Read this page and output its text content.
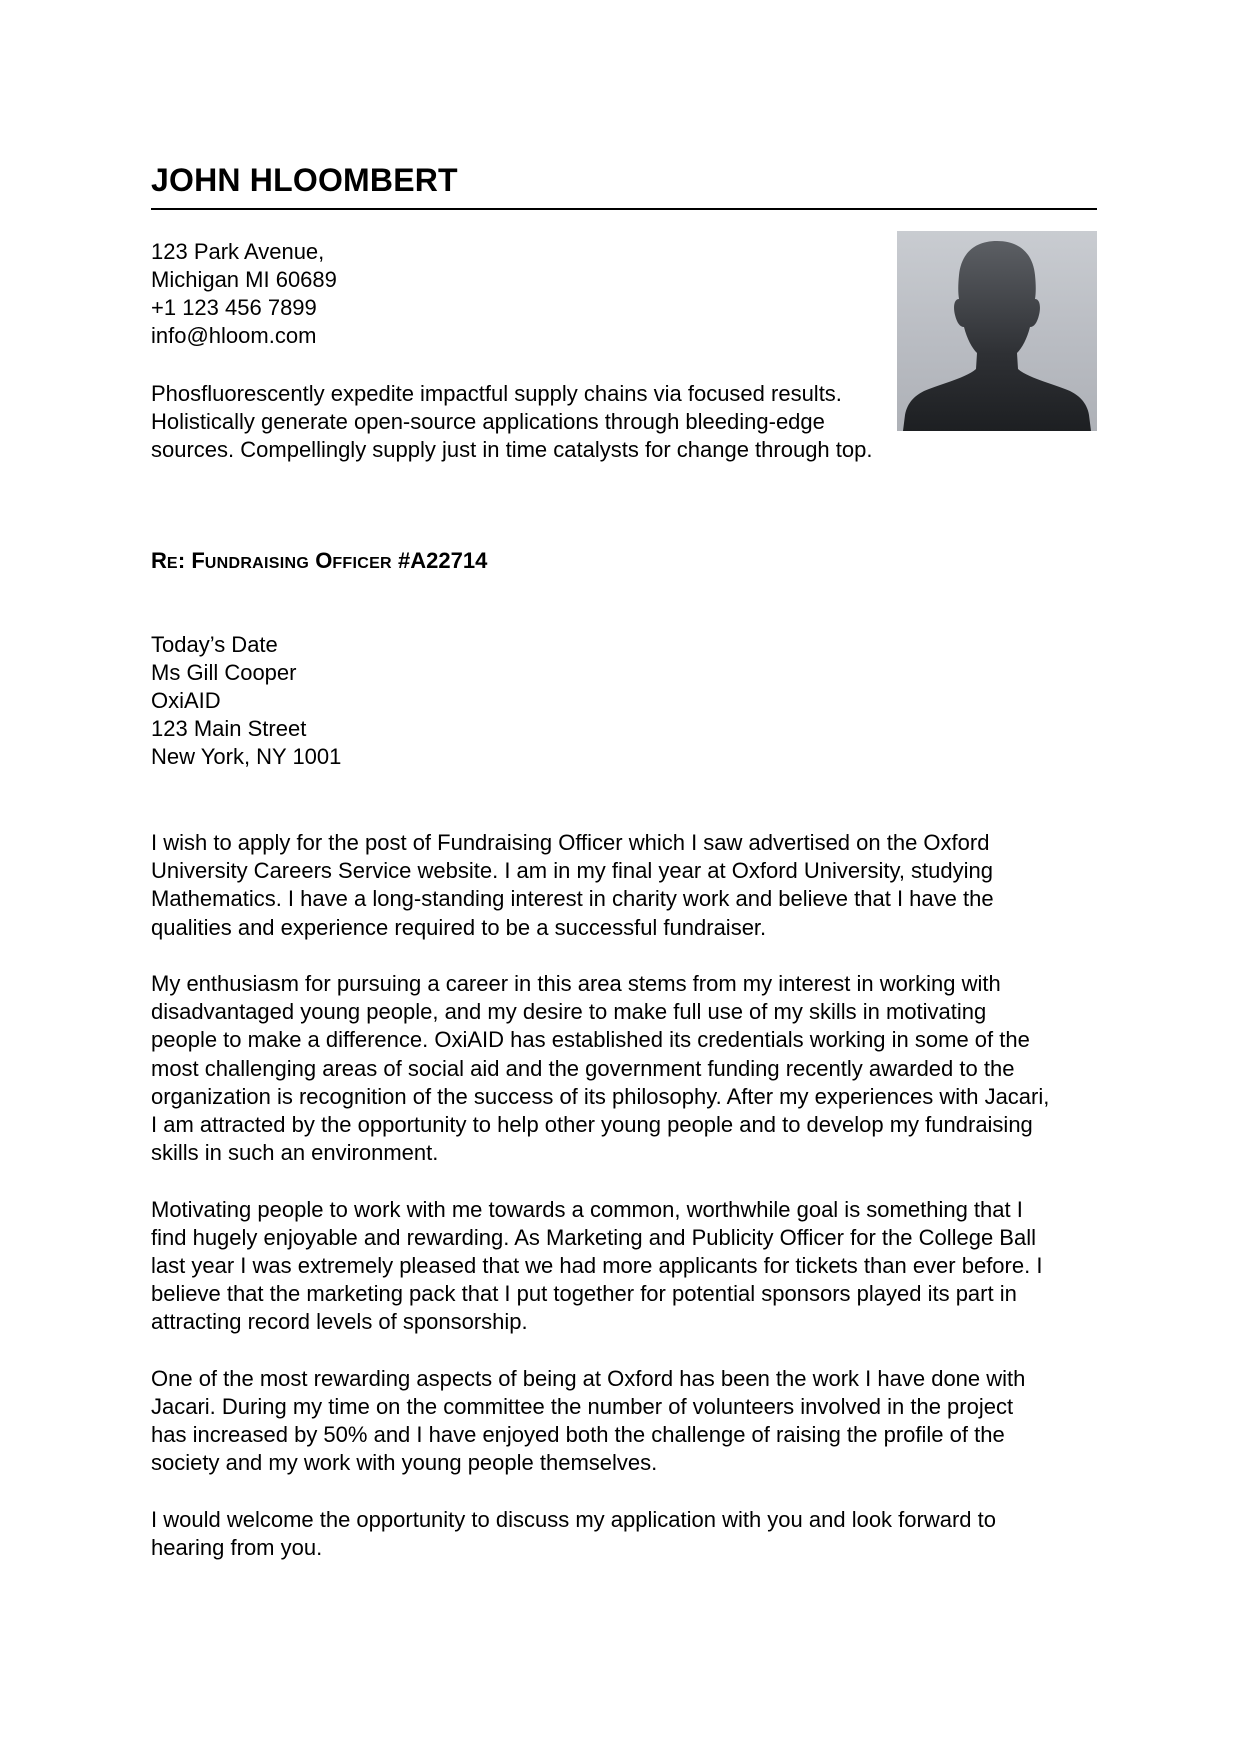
JOHN HLOOMBERT
123 Park Avenue,
Michigan MI 60689
+1 123 456 7899
info@hloom.com
Phosfluorescently expedite impactful supply chains via focused results.
Holistically generate open-source applications through bleeding-edge
sources. Compellingly supply just in time catalysts for change through top.
RE: FUNDRAISING OFFICER #A22714
Today’s Date
Ms Gill Cooper
OxiAID
123 Main Street
New York, NY 1001

I wish to apply for the post of Fundraising Officer which I saw advertised on the Oxford
University Careers Service website. I am in my final year at Oxford University, studying
Mathematics. I have a long-standing interest in charity work and believe that I have the
qualities and experience required to be a successful fundraiser.

My enthusiasm for pursuing a career in this area stems from my interest in working with
disadvantaged young people, and my desire to make full use of my skills in motivating
people to make a difference. OxiAID has established its credentials working in some of the
most challenging areas of social aid and the government funding recently awarded to the
organization is recognition of the success of its philosophy. After my experiences with Jacari,
I am attracted by the opportunity to help other young people and to develop my fundraising
skills in such an environment.

Motivating people to work with me towards a common, worthwhile goal is something that I
find hugely enjoyable and rewarding. As Marketing and Publicity Officer for the College Ball
last year I was extremely pleased that we had more applicants for tickets than ever before. I
believe that the marketing pack that I put together for potential sponsors played its part in
attracting record levels of sponsorship.

One of the most rewarding aspects of being at Oxford has been the work I have done with
Jacari. During my time on the committee the number of volunteers involved in the project
has increased by 50% and I have enjoyed both the challenge of raising the profile of the
society and my work with young people themselves.

I would welcome the opportunity to discuss my application with you and look forward to
hearing from you.
